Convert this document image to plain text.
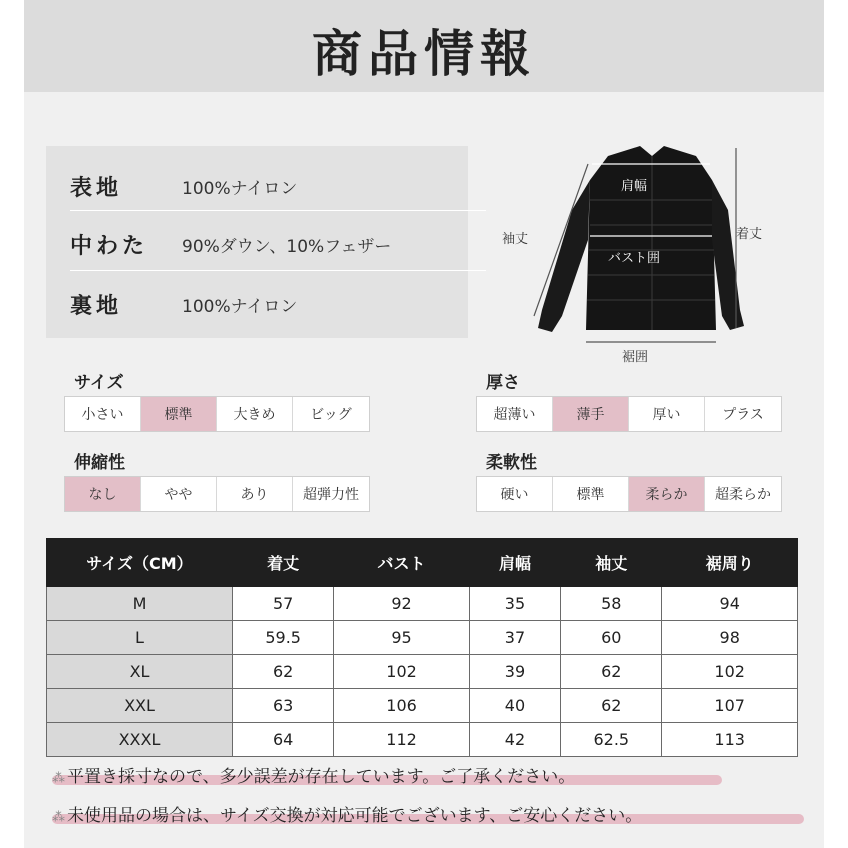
商品情報
表地	100%ナイロン
中わた	90%ダウン、10%フェザー
裏地	100%ナイロン
肩幅
袖丈	着丈
バスト囲
裾囲
サイズ
小さい	標準	大きめ	ビッグ
厚さ
超薄い	薄手	厚い	プラス
伸縮性
なし	やや	あり	超弾力性
柔軟性
硬い	標準	柔らか	超柔らか
サイズ（CM）	着丈	バスト	肩幅	袖丈	裾周り
M	57	92	35	58	94
L	59.5	95	37	60	98
XL	62	102	39	62	102
XXL	63	106	40	62	107
XXXL	64	112	42	62.5	113
⁂ 平置き採寸なので、多少誤差が存在しています。ご了承ください。
⁂ 未使用品の場合は、サイズ交換が対応可能でございます、ご安心ください。
